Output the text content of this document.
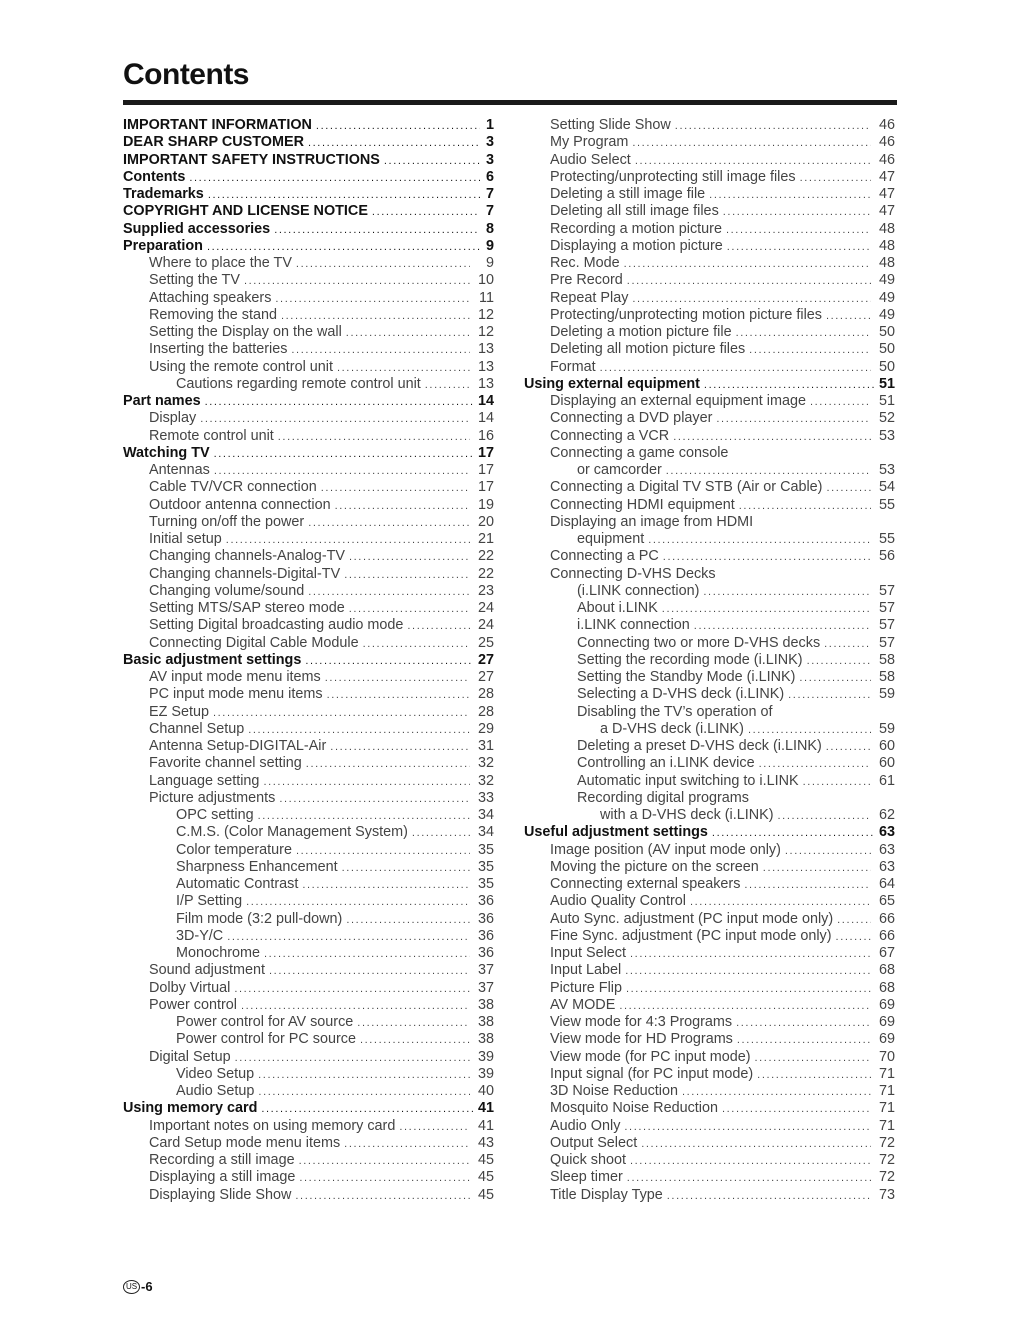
Contents
IMPORTANT INFORMATION .....	1
DEAR SHARP CUSTOMER .....	3
IMPORTANT SAFETY INSTRUCTIONS .....	3
Contents .....	6
Trademarks .....	7
COPYRIGHT AND LICENSE NOTICE .....	7
Supplied accessories .....	8
Preparation .....	9
Where to place the TV .....	9
Setting the TV .....	10
Attaching speakers .....	11
Removing the stand .....	12
Setting the Display on the wall .....	12
Inserting the batteries .....	13
Using the remote control unit .....	13
Cautions regarding remote control unit .....	13
Part names .....	14
Display .....	14
Remote control unit .....	16
Watching TV .....	17
Antennas .....	17
Cable TV/VCR connection .....	17
Outdoor antenna connection .....	19
Turning on/off the power .....	20
Initial setup .....	21
Changing channels-Analog-TV .....	22
Changing channels-Digital-TV .....	22
Changing volume/sound .....	23
Setting MTS/SAP stereo mode .....	24
Setting Digital broadcasting audio mode .....	24
Connecting Digital Cable Module .....	25
Basic adjustment settings .....	27
AV input mode menu items .....	27
PC input mode menu items .....	28
EZ Setup .....	28
Channel Setup .....	29
Antenna Setup-DIGITAL-Air .....	31
Favorite channel setting .....	32
Language setting .....	32
Picture adjustments .....	33
OPC setting .....	34
C.M.S. (Color Management System) .....	34
Color temperature .....	35
Sharpness Enhancement .....	35
Automatic Contrast .....	35
I/P Setting .....	36
Film mode (3:2 pull-down) .....	36
3D-Y/C .....	36
Monochrome .....	36
Sound adjustment .....	37
Dolby Virtual .....	37
Power control .....	38
Power control for AV source .....	38
Power control for PC source .....	38
Digital Setup .....	39
Video Setup .....	39
Audio Setup .....	40
Using memory card .....	41
Important notes on using memory card .....	41
Card Setup mode menu items .....	43
Recording a still image .....	45
Displaying a still image .....	45
Displaying Slide Show .....	45
Setting Slide Show .....	46
My Program .....	46
Audio Select .....	46
Protecting/unprotecting still image files .....	47
Deleting a still image file .....	47
Deleting all still image files .....	47
Recording a motion picture .....	48
Displaying a motion picture .....	48
Rec. Mode .....	48
Pre Record .....	49
Repeat Play .....	49
Protecting/unprotecting motion picture files .....	49
Deleting a motion picture file .....	50
Deleting all motion picture files .....	50
Format .....	50
Using external equipment .....	51
Displaying an external equipment image .....	51
Connecting a DVD player .....	52
Connecting a VCR .....	53
Connecting a game console
or camcorder .....	53
Connecting a Digital TV STB (Air or Cable) .....	54
Connecting HDMI equipment .....	55
Displaying an image from HDMI
equipment .....	55
Connecting a PC .....	56
Connecting D-VHS Decks
(i.LINK connection) .....	57
About i.LINK .....	57
i.LINK connection .....	57
Connecting two or more D-VHS decks .....	57
Setting the recording mode (i.LINK) .....	58
Setting the Standby Mode (i.LINK) .....	58
Selecting a D-VHS deck (i.LINK) .....	59
Disabling the TV’s operation of
a D-VHS deck (i.LINK) .....	59
Deleting a preset D-VHS deck (i.LINK) .....	60
Controlling an i.LINK device .....	60
Automatic input switching to i.LINK .....	61
Recording digital programs
with a D-VHS deck (i.LINK) .....	62
Useful adjustment settings .....	63
Image position (AV input mode only) .....	63
Moving the picture on the screen .....	63
Connecting external speakers .....	64
Audio Quality Control .....	65
Auto Sync. adjustment (PC input mode only) .....	66
Fine Sync. adjustment (PC input mode only) .....	66
Input Select .....	67
Input Label .....	68
Picture Flip .....	68
AV MODE .....	69
View mode for 4:3 Programs .....	69
View mode for HD Programs .....	69
View mode (for PC input mode) .....	70
Input signal (for PC input mode) .....	71
3D Noise Reduction .....	71
Mosquito Noise Reduction .....	71
Audio Only .....	71
Output Select .....	72
Quick shoot .....	72
Sleep timer .....	72
Title Display Type .....	73
US -6
